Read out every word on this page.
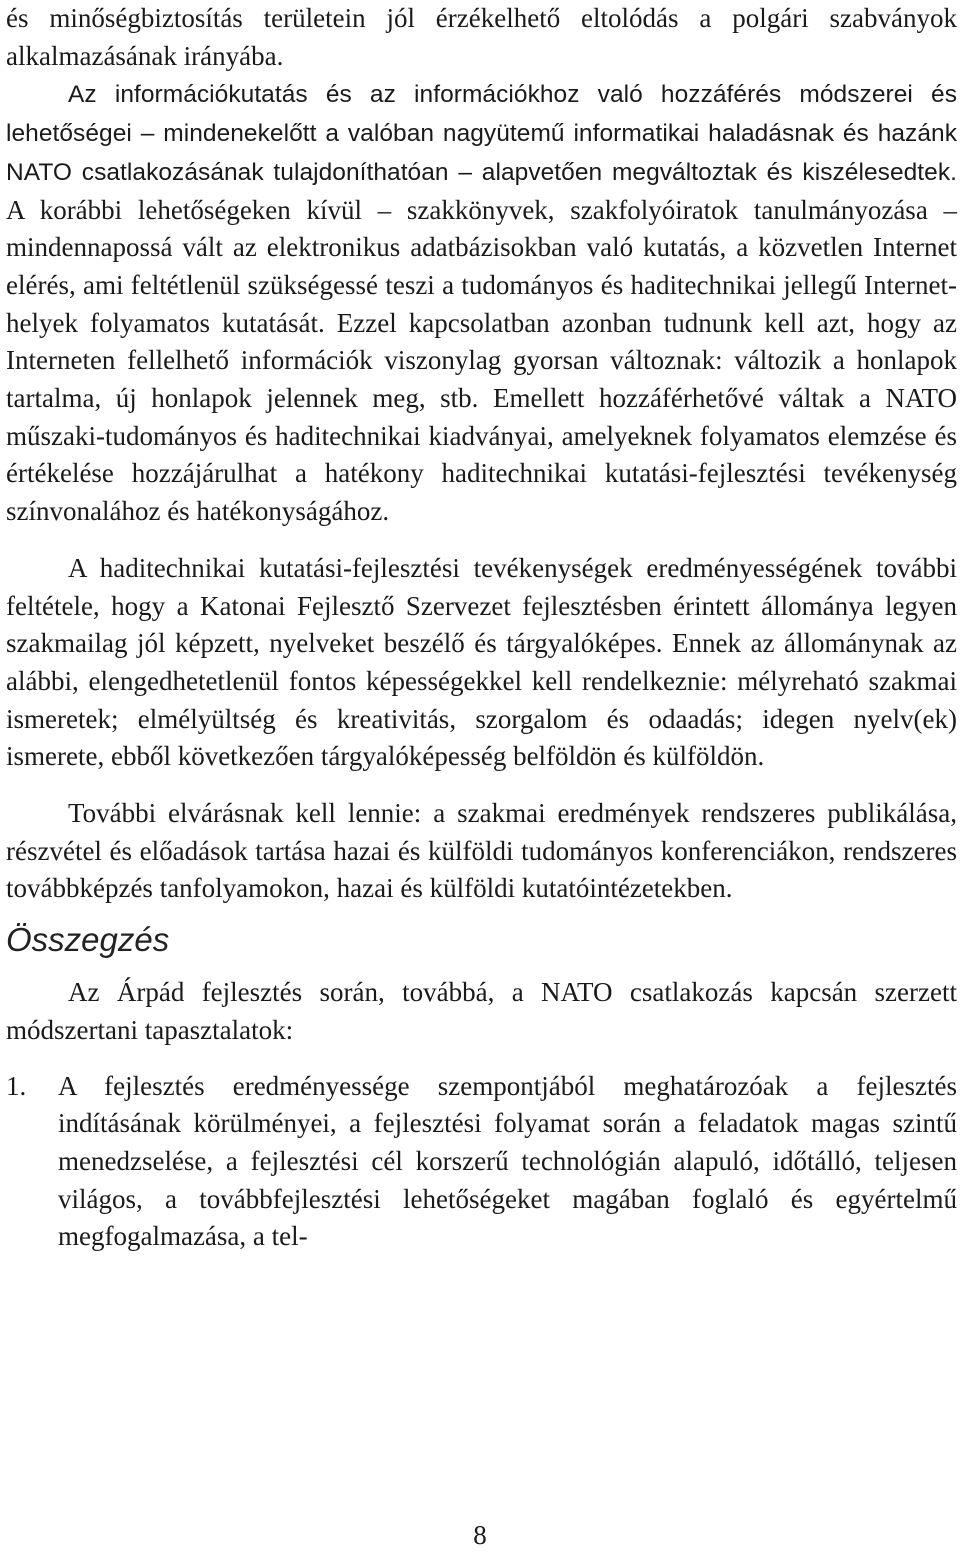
és minőségbiztosítás területein jól érzékelhető eltolódás a polgári szabványok alkalmazásának irányába.

Az információkutatás és az információkhoz való hozzáférés módszerei és lehetőségei – mindenekelőtt a valóban nagyütemű informatikai haladásnak és hazánk NATO csatlakozásának tulajdoníthatóan – alapvetően megváltoztak és kiszélesedtek. A korábbi lehetőségeken kívül – szakkönyvek, szakfolyóiratok tanulmányozása – mindennapossá vált az elektronikus adatbázisokban való kutatás, a közvetlen Internet elérés, ami feltétlenül szükségessé teszi a tudományos és haditechnikai jellegű Internet-helyek folyamatos kutatását. Ezzel kapcsolatban azonban tudnunk kell azt, hogy az Interneten fellelhető információk viszonylag gyorsan változnak: változik a honlapok tartalma, új honlapok jelennek meg, stb. Emellett hozzáférhetővé váltak a NATO műszaki-tudományos és haditechnikai kiadványai, amelyeknek folyamatos elemzése és értékelése hozzájárulhat a hatékony haditechnikai kutatási-fejlesztési tevékenység színvonalához és hatékonyságához.

A haditechnikai kutatási-fejlesztési tevékenységek eredményességének további feltétele, hogy a Katonai Fejlesztő Szervezet fejlesztésben érintett állománya legyen szakmailag jól képzett, nyelveket beszélő és tárgyalóképes. Ennek az állománynak az alábbi, elengedhetetlenül fontos képességekkel kell rendelkeznie: mélyreható szakmai ismeretek; elmélyültség és kreativitás, szorgalom és odaadás; idegen nyelv(ek) ismerete, ebből következően tárgyalóképesség belföldön és külföldön.

További elvárásnak kell lennie: a szakmai eredmények rendszeres publikálása, részvétel és előadások tartása hazai és külföldi tudományos konferenciákon, rendszeres továbbképzés tanfolyamokon, hazai és külföldi kutatóintézetekben.

Összegzés

Az Árpád fejlesztés során, továbbá, a NATO csatlakozás kapcsán szerzett módszertani tapasztalatok:

1. A fejlesztés eredményessége szempontjából meghatározóak a fejlesztés indításának körülményei, a fejlesztési folyamat során a feladatok magas szintű menedzselése, a fejlesztési cél korszerű technológián alapuló, időtálló, teljesen világos, a továbbfejlesztési lehetőségeket magában foglaló és egyértelmű megfogalmazása, a tel-

8
